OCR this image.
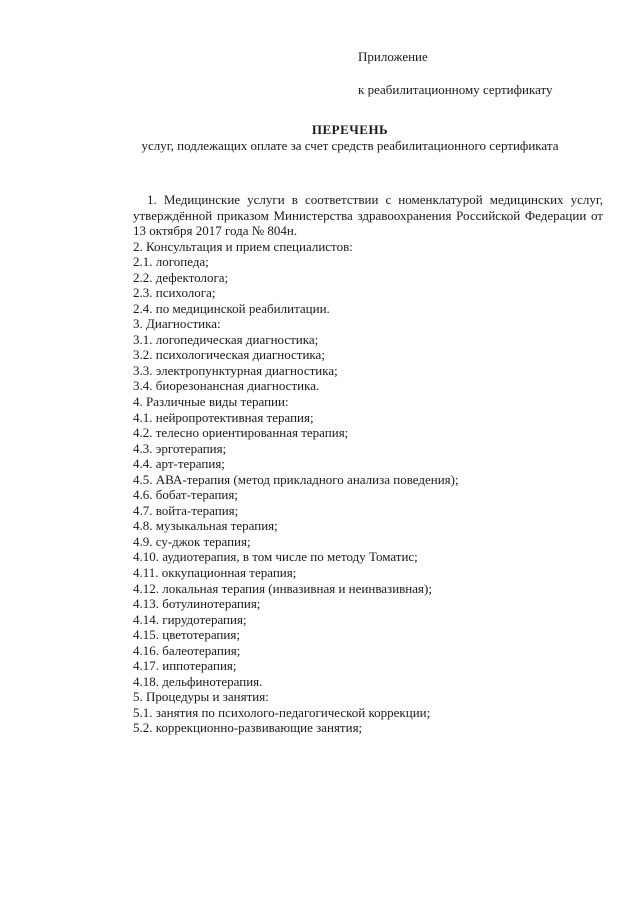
Приложение
к реабилитационному сертификату
ПЕРЕЧЕНЬ
услуг, подлежащих оплате за счет средств реабилитационного сертификата

1. Медицинские услуги в соответствии с номенклатурой медицинских услуг, утверждённой приказом Министерства здравоохранения Российской Федерации от 13 октября 2017 года № 804н.

2. Консультация и прием специалистов:
2.1. логопеда;
2.2. дефектолога;
2.3. психолога;
2.4. по медицинской реабилитации.
3. Диагностика:
3.1. логопедическая диагностика;
3.2. психологическая диагностика;
3.3. электропунктурная диагностика;
3.4. биорезонансная диагностика.
4. Различные виды терапии:
4.1. нейропротективная терапия;
4.2. телесно ориентированная терапия;
4.3. эрготерапия;
4.4. арт-терапия;
4.5. АВА-терапия (метод прикладного анализа поведения);
4.6. бобат-терапия;
4.7. войта-терапия;
4.8. музыкальная терапия;
4.9. су-джок терапия;
4.10. аудиотерапия, в том числе по методу Томатис;
4.11. оккупационная терапия;
4.12. локальная терапия (инвазивная и неинвазивная);
4.13. ботулинотерапия;
4.14. гирудотерапия;
4.15. цветотерапия;
4.16. балеотерапия;
4.17. иппотерапия;
4.18. дельфинотерапия.
5. Процедуры и занятия:
5.1. занятия по психолого-педагогической коррекции;
5.2. коррекционно-развивающие занятия;
